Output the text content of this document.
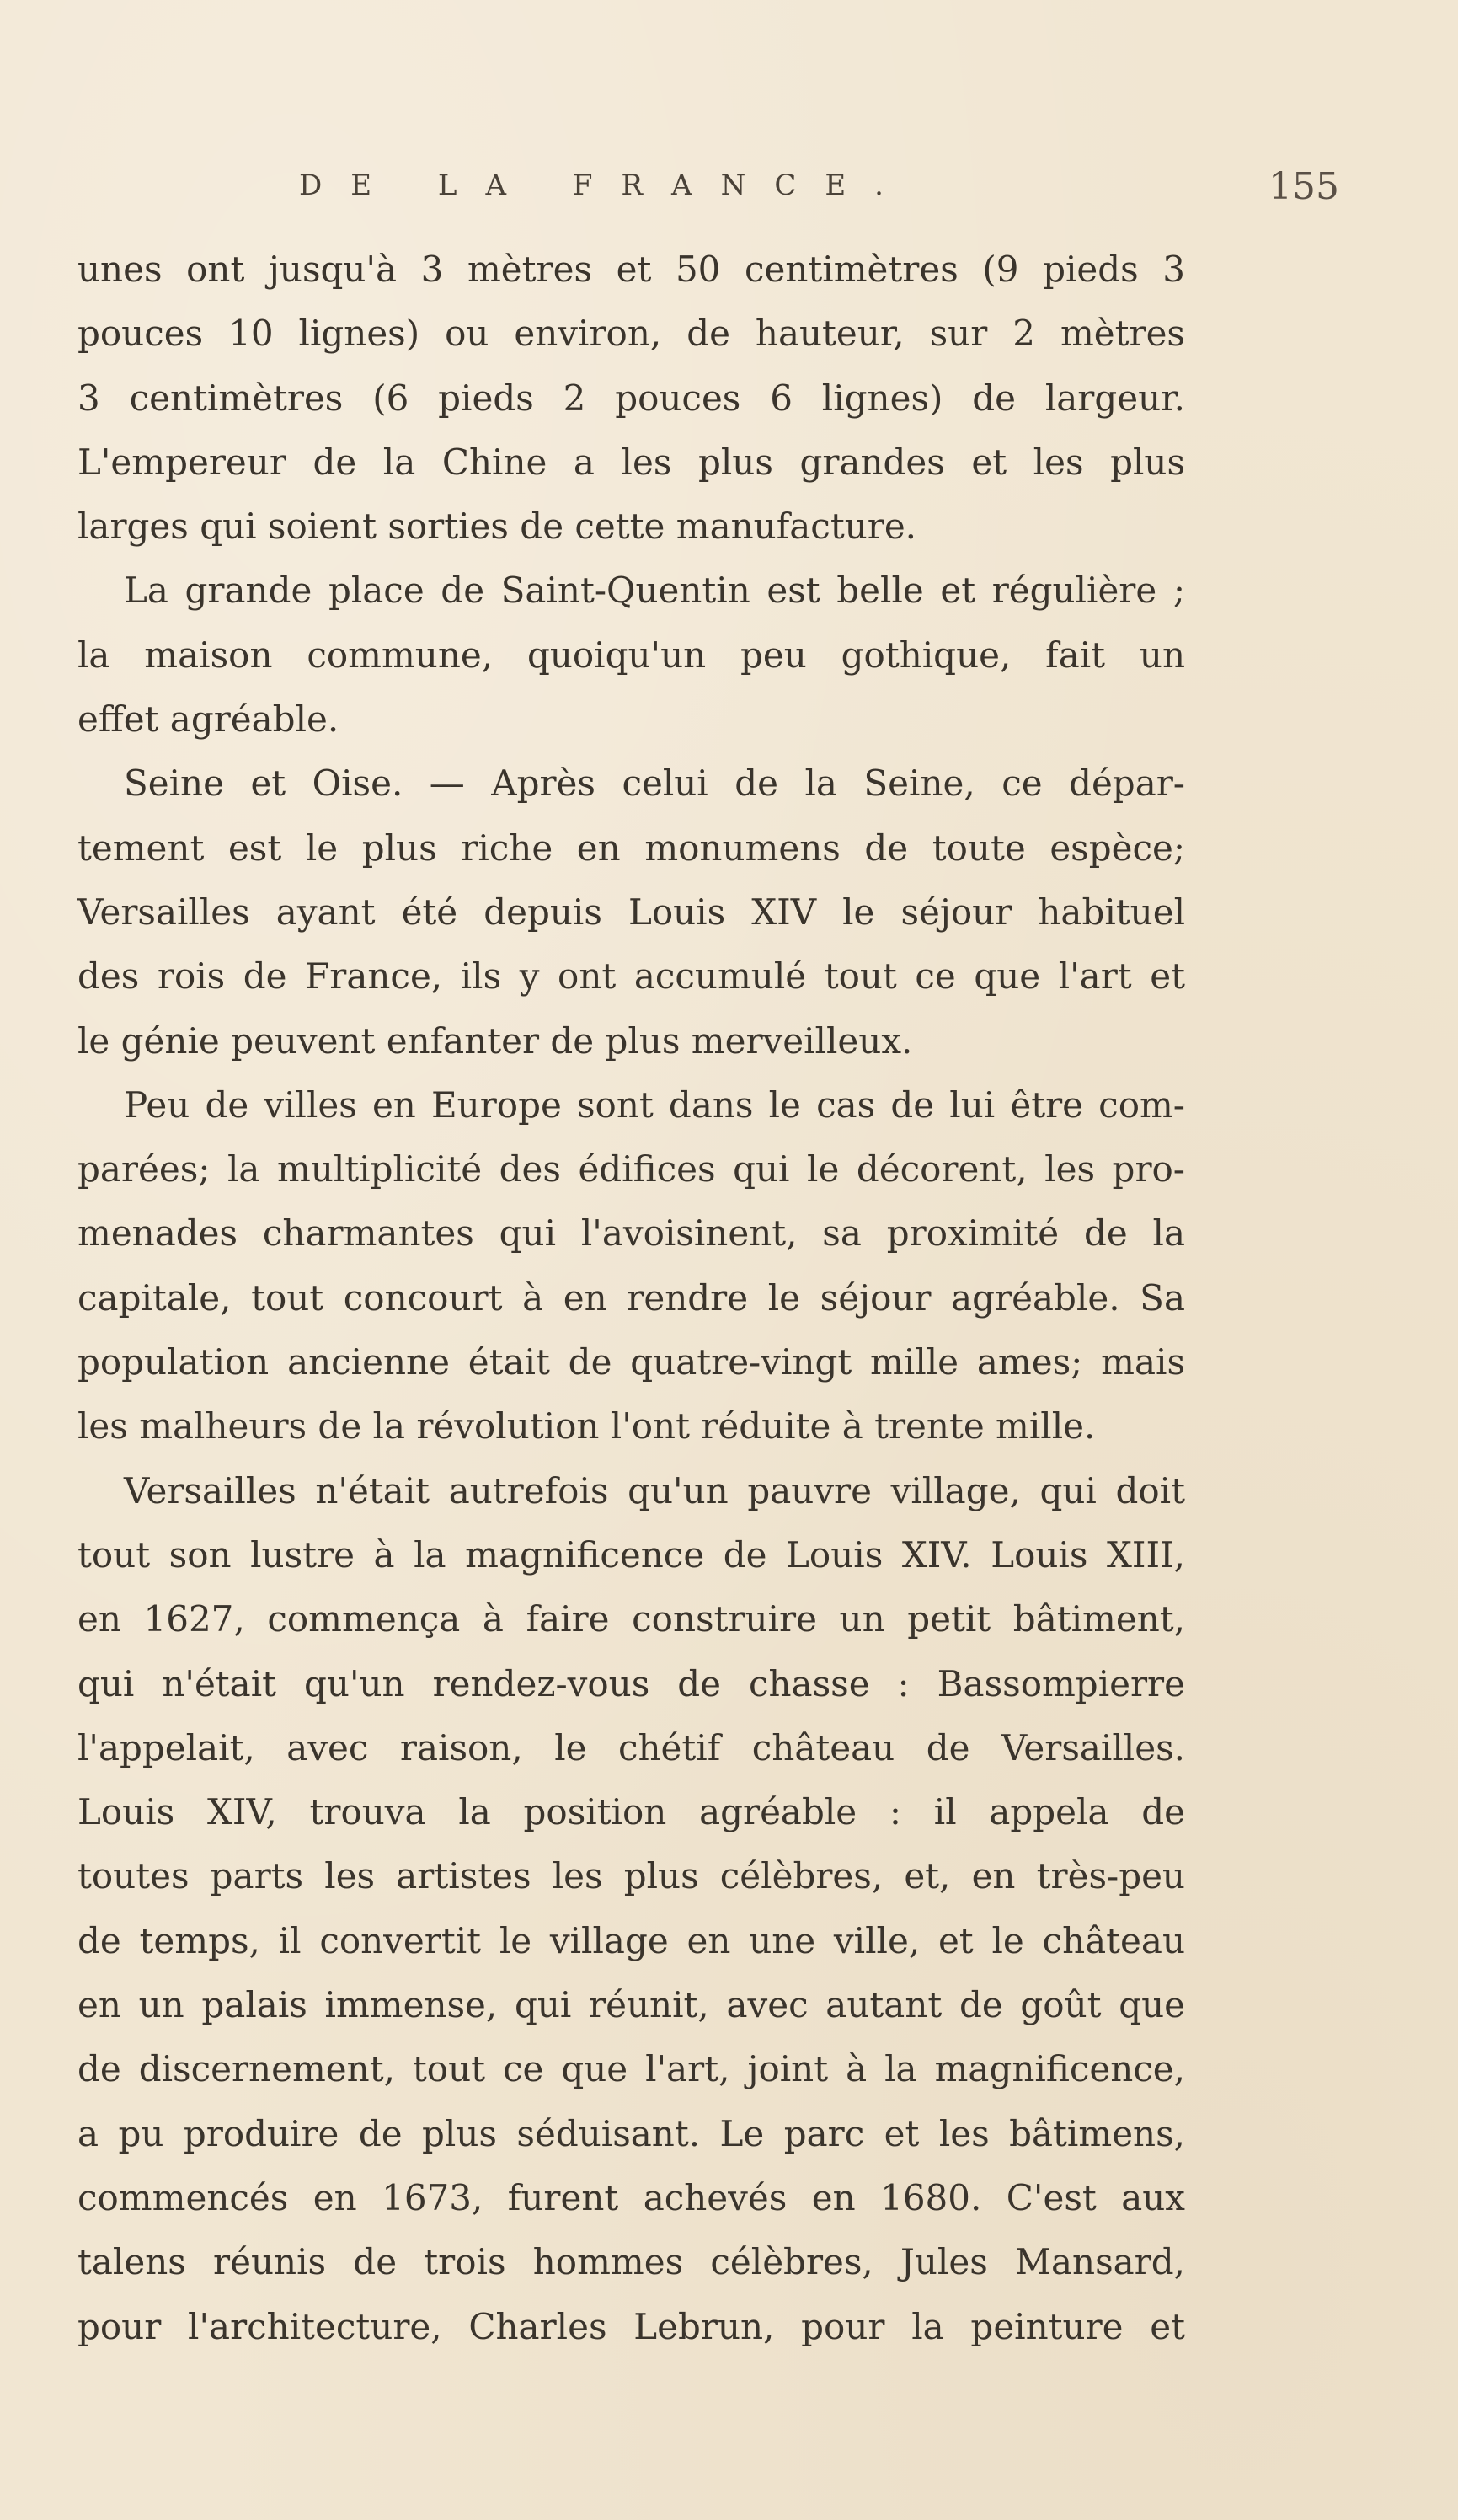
DE LA FRANCE.	155
unes ont jusqu'à 3 mètres et 50 centimètres (9 pieds 3
pouces 10 lignes) ou environ, de hauteur, sur 2 mètres
3 centimètres (6 pieds 2 pouces 6 lignes) de largeur.
L'empereur de la Chine a les plus grandes et les plus
larges qui soient sorties de cette manufacture.
La grande place de Saint-Quentin est belle et régulière ;
la maison commune, quoiqu'un peu gothique, fait un
effet agréable.
Seine et Oise. — Après celui de la Seine, ce dépar-
tement est le plus riche en monumens de toute espèce;
Versailles ayant été depuis Louis XIV le séjour habituel
des rois de France, ils y ont accumulé tout ce que l'art et
le génie peuvent enfanter de plus merveilleux.
Peu de villes en Europe sont dans le cas de lui être com-
parées; la multiplicité des édifices qui le décorent, les pro-
menades charmantes qui l'avoisinent, sa proximité de la
capitale, tout concourt à en rendre le séjour agréable. Sa
population ancienne était de quatre-vingt mille ames; mais
les malheurs de la révolution l'ont réduite à trente mille.
Versailles n'était autrefois qu'un pauvre village, qui doit
tout son lustre à la magnificence de Louis XIV. Louis XIII,
en 1627, commença à faire construire un petit bâtiment,
qui n'était qu'un rendez-vous de chasse : Bassompierre
l'appelait, avec raison, le chétif château de Versailles.
Louis XIV, trouva la position agréable : il appela de
toutes parts les artistes les plus célèbres, et, en très-peu
de temps, il convertit le village en une ville, et le château
en un palais immense, qui réunit, avec autant de goût que
de discernement, tout ce que l'art, joint à la magnificence,
a pu produire de plus séduisant. Le parc et les bâtimens,
commencés en 1673, furent achevés en 1680. C'est aux
talens réunis de trois hommes célèbres, Jules Mansard,
pour l'architecture, Charles Lebrun, pour la peinture et
